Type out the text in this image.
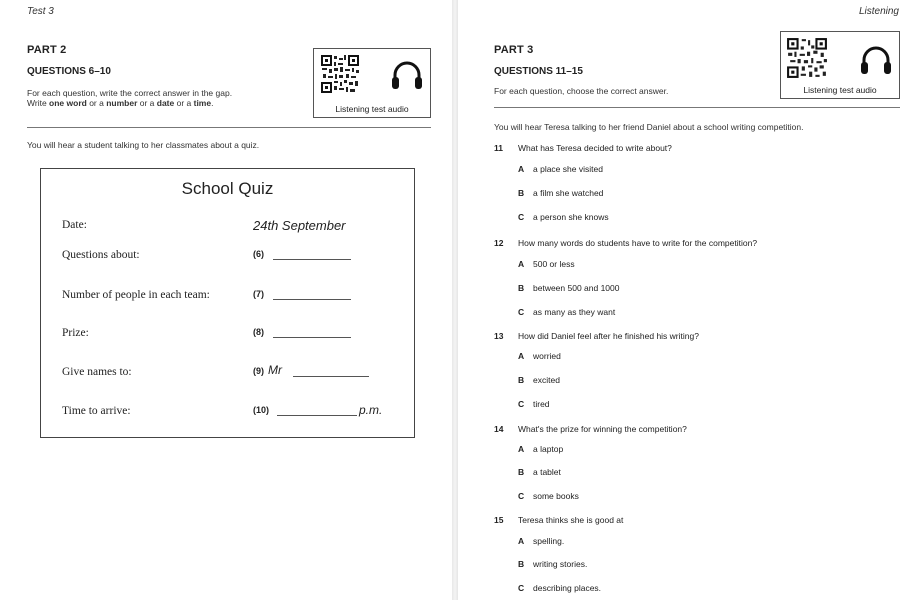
Test 3
PART 2
QUESTIONS 6–10
For each question, write the correct answer in the gap.
Write one word or a number or a date or a time.
Listening test audio
You will hear a student talking to her classmates about a quiz.
School Quiz
Date:	24th September
Questions about:	(6)
Number of people in each team:	(7)
Prize:	(8)
Give names to:	(9) Mr
Time to arrive:	(10)	p.m.
Listening
PART 3
QUESTIONS 11–15
For each question, choose the correct answer.	Listening test audio
You will hear Teresa talking to her friend Daniel about a school writing competition.
11 What has Teresa decided to write about?
A a place she visited
B a film she watched
C a person she knows
12 How many words do students have to write for the competition?
A 500 or less
B between 500 and 1000
C as many as they want
13 How did Daniel feel after he finished his writing?
A worried
B excited
C tired
14 What's the prize for winning the competition?
A a laptop
B a tablet
C some books
15 Teresa thinks she is good at
A spelling.
B writing stories.
C describing places.
